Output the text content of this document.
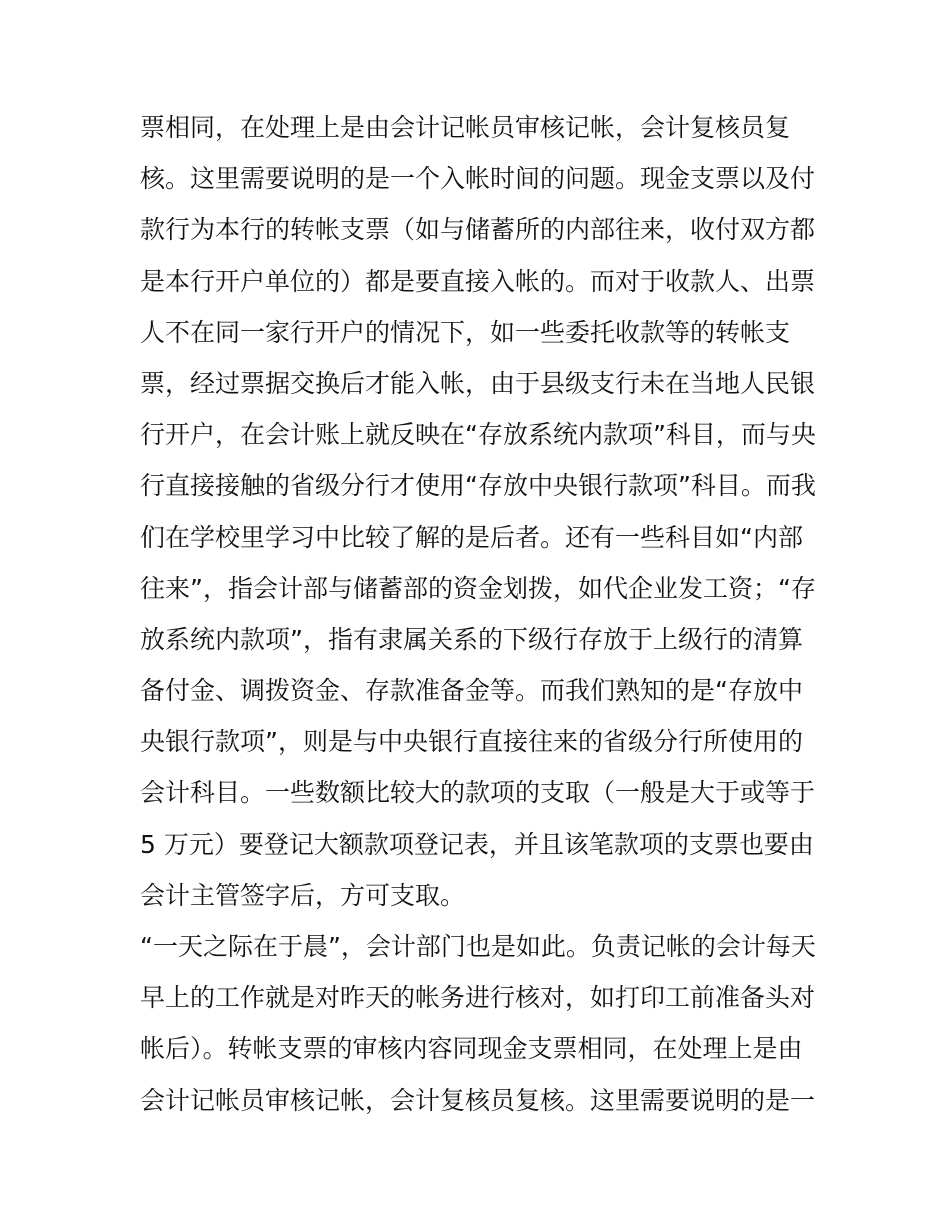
票相同，在处理上是由会计记帐员审核记帐，会计复核员复
核。这里需要说明的是一个入帐时间的问题。现金支票以及付
款行为本行的转帐支票（如与储蓄所的内部往来，收付双方都
是本行开户单位的）都是要直接入帐的。而对于收款人、出票
人不在同一家行开户的情况下，如一些委托收款等的转帐支
票，经过票据交换后才能入帐，由于县级支行未在当地人民银
行开户，在会计账上就反映在“存放系统内款项”科目，而与央
行直接接触的省级分行才使用“存放中央银行款项”科目。而我
们在学校里学习中比较了解的是后者。还有一些科目如“内部
往来”，指会计部与储蓄部的资金划拨，如代企业发工资；“存
放系统内款项”，指有隶属关系的下级行存放于上级行的清算
备付金、调拨资金、存款准备金等。而我们熟知的是“存放中
央银行款项”，则是与中央银行直接往来的省级分行所使用的
会计科目。一些数额比较大的款项的支取（一般是大于或等于
5 万元）要登记大额款项登记表，并且该笔款项的支票也要由
会计主管签字后，方可支取。
“一天之际在于晨”，会计部门也是如此。负责记帐的会计每天
早上的工作就是对昨天的帐务进行核对，如打印工前准备头对
帐后）。转帐支票的审核内容同现金支票相同，在处理上是由
会计记帐员审核记帐，会计复核员复核。这里需要说明的是一
